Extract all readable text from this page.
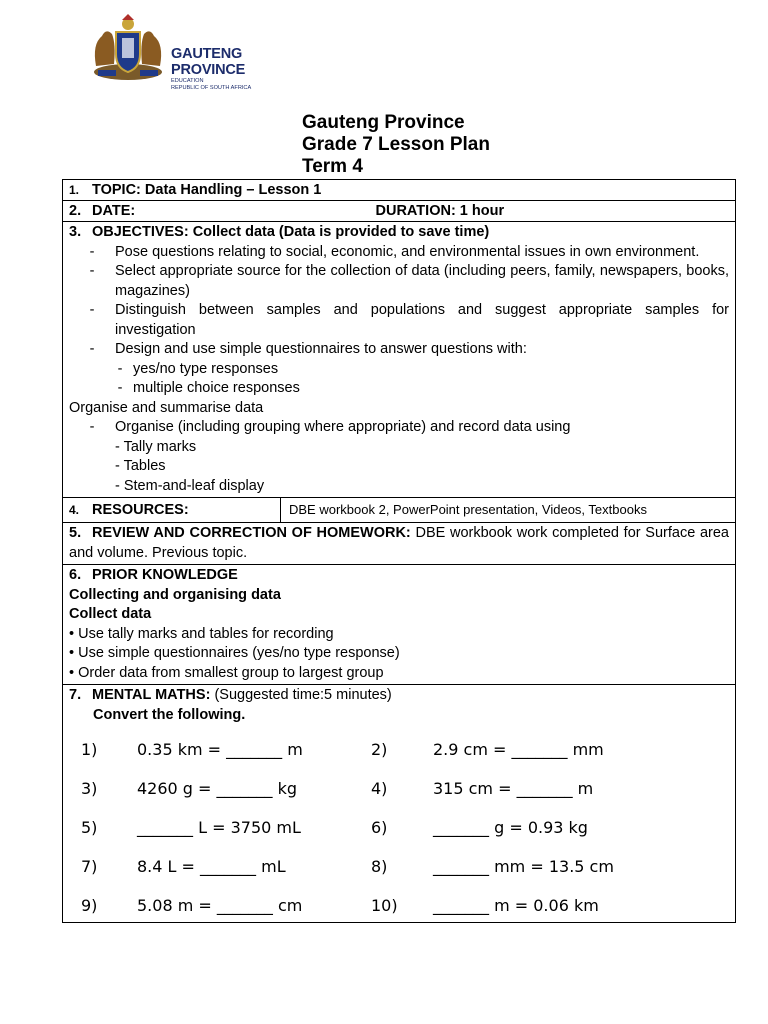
GAUTENG PROVINCE
EDUCATION
REPUBLIC OF SOUTH AFRICA
Gauteng Province
Grade 7 Lesson Plan
Term 4
1. TOPIC: Data Handling – Lesson 1
2. DATE:	DURATION: 1 hour

3. OBJECTIVES: Collect data (Data is provided to save time)
-	Pose questions relating to social, economic, and environmental issues in own environment.
-	Select appropriate source for the collection of data (including peers, family, newspapers, books, magazines)
-	Distinguish between samples and populations and suggest appropriate samples for investigation
-	Design and use simple questionnaires to answer questions with:
- yes/no type responses
- multiple choice responses
Organise and summarise data
-	Organise (including grouping where appropriate) and record data using
- Tally marks
- Tables
- Stem-and-leaf display

4. RESOURCES:	DBE workbook 2, PowerPoint presentation, Videos, Textbooks
5. REVIEW AND CORRECTION OF HOMEWORK: DBE workbook work completed for Surface area and volume. Previous topic.

6. PRIOR KNOWLEDGE
Collecting and organising data
Collect data
• Use tally marks and tables for recording
• Use simple questionnaires (yes/no type response)
• Order data from smallest group to largest group

7. MENTAL MATHS: (Suggested time:5 minutes)
Convert the following.
1)	0.35 km = _______ m	2)	2.9 cm = _______ mm
3)	4260 g = _______ kg	4)	315 cm = _______ m
5)	_______ L = 3750 mL	6)	_______ g = 0.93 kg
7)	8.4 L = _______ mL	8)	_______ mm = 13.5 cm
9)	5.08 m = _______ cm	10)	_______ m = 0.06 km
